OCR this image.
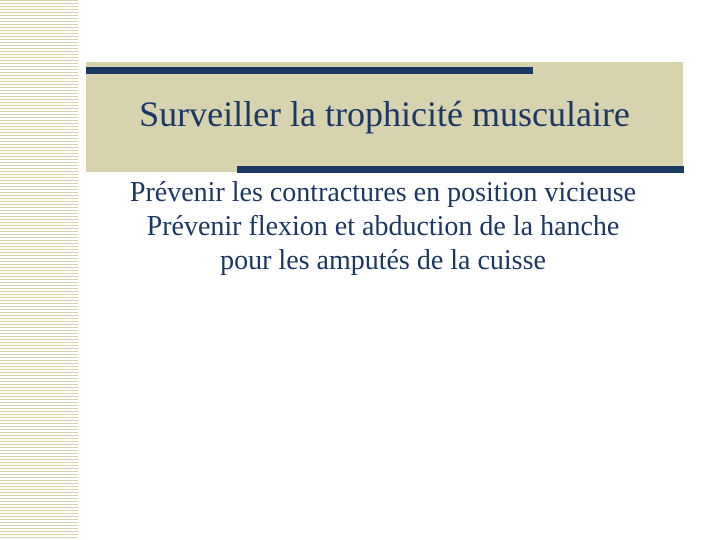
Surveiller la trophicité musculaire
Prévenir les contractures en position vicieuse
Prévenir flexion et abduction de la hanche
pour les amputés de la cuisse
